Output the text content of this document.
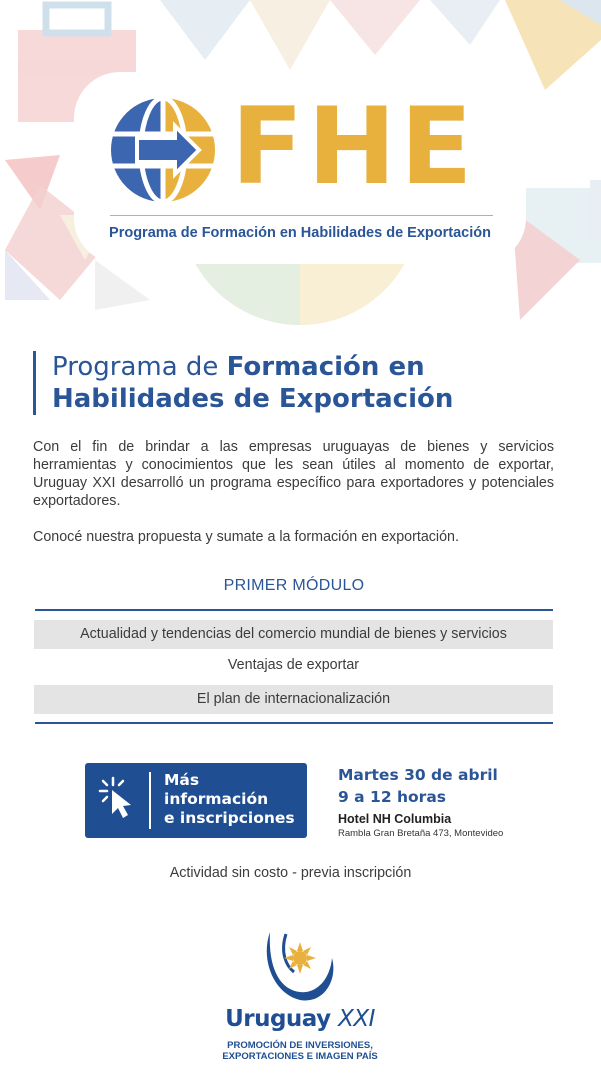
FHE
Programa de Formación en Habilidades de Exportación
Programa de Formación en
Habilidades de Exportación

Con el fin de brindar a las empresas uruguayas de bienes y servicios herramientas y conocimientos que les sean útiles al momento de exportar, Uruguay XXI desarrolló un programa específico para exportadores y potenciales exportadores.

Conocé nuestra propuesta y sumate a la formación en exportación.

PRIMER MÓDULO
Actualidad y tendencias del comercio mundial de bienes y servicios
Ventajas de exportar
El plan de internacionalización
Más
información
e inscripciones
Martes 30 de abril
9 a 12 horas
Hotel NH Columbia
Rambla Gran Bretaña 473, Montevideo
Actividad sin costo - previa inscripción
Uruguay XXI
PROMOCIÓN DE INVERSIONES,
EXPORTACIONES E IMAGEN PAÍS
